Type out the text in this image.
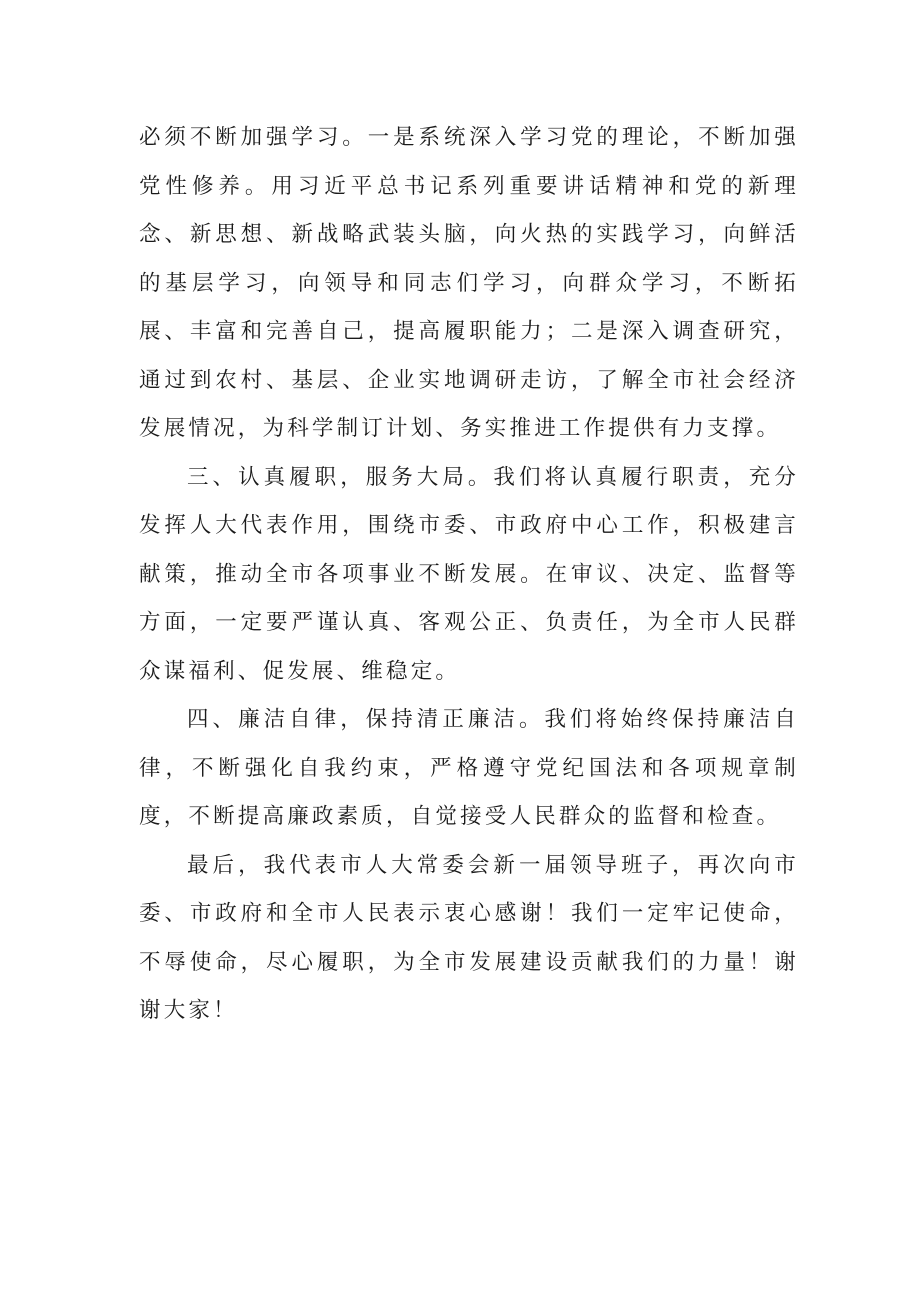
必须不断加强学习。一是系统深入学习党的理论，不断加强党性修养。用习近平总书记系列重要讲话精神和党的新理念、新思想、新战略武装头脑，向火热的实践学习，向鲜活的基层学习，向领导和同志们学习，向群众学习，不断拓展、丰富和完善自己，提高履职能力；二是深入调查研究，通过到农村、基层、企业实地调研走访，了解全市社会经济发展情况，为科学制订计划、务实推进工作提供有力支撑。

三、认真履职，服务大局。我们将认真履行职责，充分发挥人大代表作用，围绕市委、市政府中心工作，积极建言献策，推动全市各项事业不断发展。在审议、决定、监督等方面，一定要严谨认真、客观公正、负责任，为全市人民群众谋福利、促发展、维稳定。

四、廉洁自律，保持清正廉洁。我们将始终保持廉洁自律，不断强化自我约束，严格遵守党纪国法和各项规章制度，不断提高廉政素质，自觉接受人民群众的监督和检查。

最后，我代表市人大常委会新一届领导班子，再次向市委、市政府和全市人民表示衷心感谢！我们一定牢记使命，不辱使命，尽心履职，为全市发展建设贡献我们的力量！谢谢大家！
